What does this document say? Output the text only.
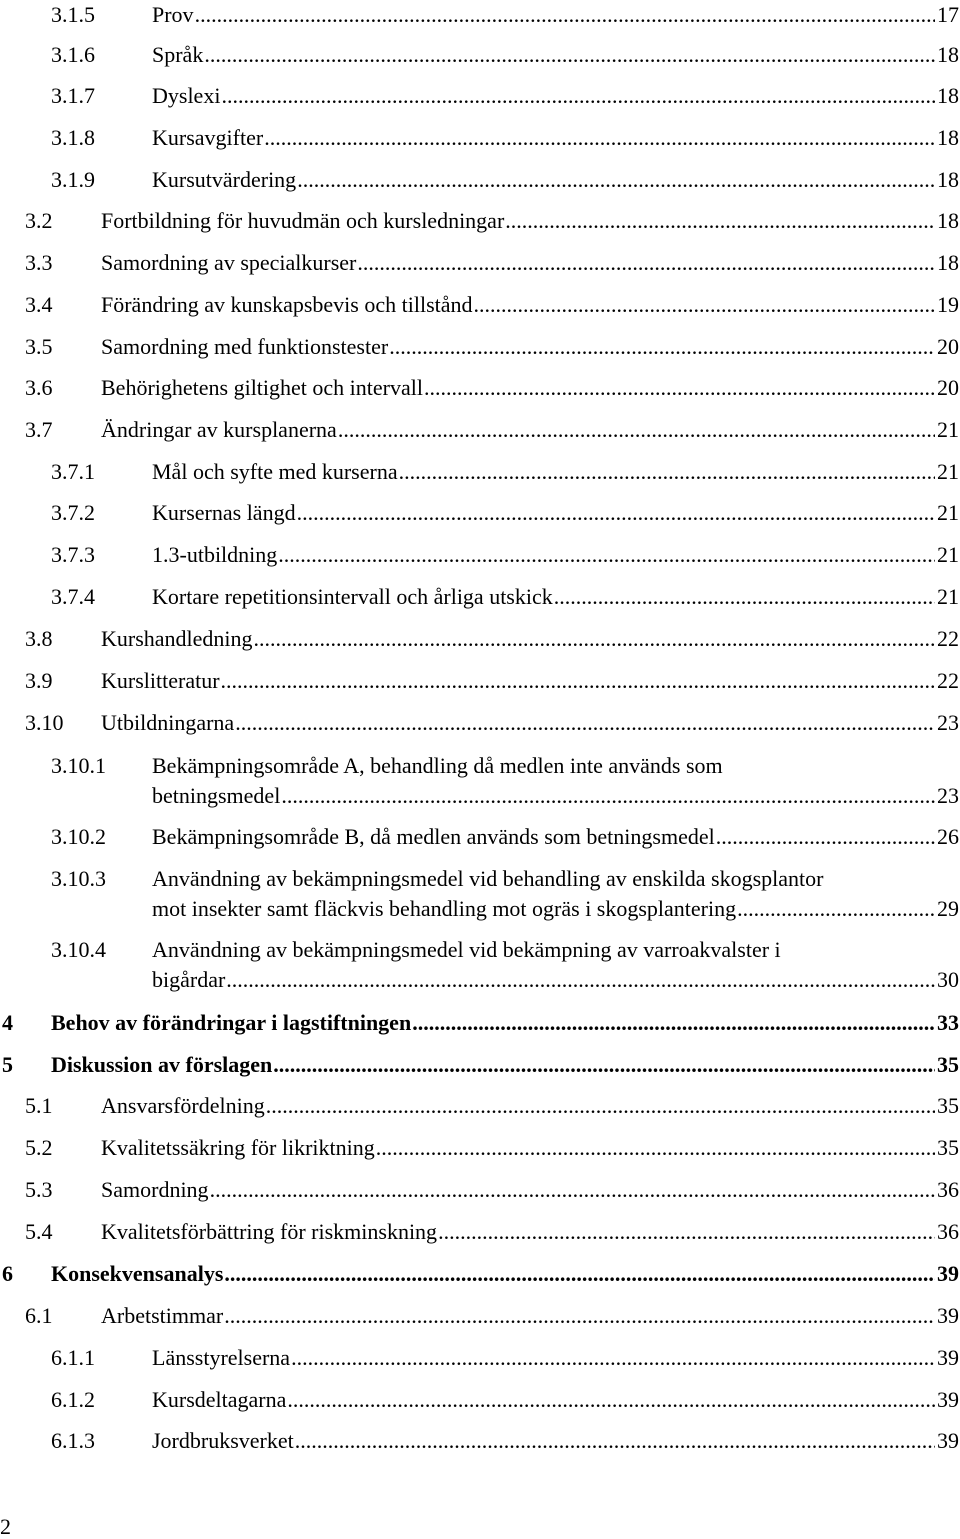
3.1.5	Prov .....	17
3.1.6	Språk .....	18
3.1.7	Dyslexi .....	18
3.1.8	Kursavgifter .....	18
3.1.9	Kursutvärdering .....	18
3.2 Fortbildning för huvudmän och kursledningar .....	18
3.3 Samordning av specialkurser .....	18
3.4 Förändring av kunskapsbevis och tillstånd .....	19
3.5 Samordning med funktionstester .....	20
3.6 Behörighetens giltighet och intervall .....	20
3.7 Ändringar av kursplanerna .....	21
3.7.1	Mål och syfte med kurserna .....	21
3.7.2	Kursernas längd .....	21
3.7.3	1.3-utbildning .....	21
3.7.4	Kortare repetitionsintervall och årliga utskick .....	21
3.8 Kurshandledning .....	22
3.9 Kurslitteratur .....	22
3.10 Utbildningarna .....	23
3.10.1 Bekämpningsområde A, behandling då medlen inte används som
betningsmedel .....	23
3.10.2 Bekämpningsområde B, då medlen används som betningsmedel .....	26
3.10.3 Användning av bekämpningsmedel vid behandling av enskilda skogsplantor
mot insekter samt fläckvis behandling mot ogräs i skogsplantering .....	29
3.10.4 Användning av bekämpningsmedel vid bekämpning av varroakvalster i
bigårdar .....	30
4 Behov av förändringar i lagstiftningen .....	33
5 Diskussion av förslagen .....	35
5.1 Ansvarsfördelning .....	35
5.2 Kvalitetssäkring för likriktning .....	35
5.3 Samordning .....	36
5.4 Kvalitetsförbättring för riskminskning .....	36
6 Konsekvensanalys .....	39
6.1 Arbetstimmar .....	39
6.1.1	Länsstyrelserna .....	39
6.1.2	Kursdeltagarna .....	39
6.1.3	Jordbruksverket .....	39
2
